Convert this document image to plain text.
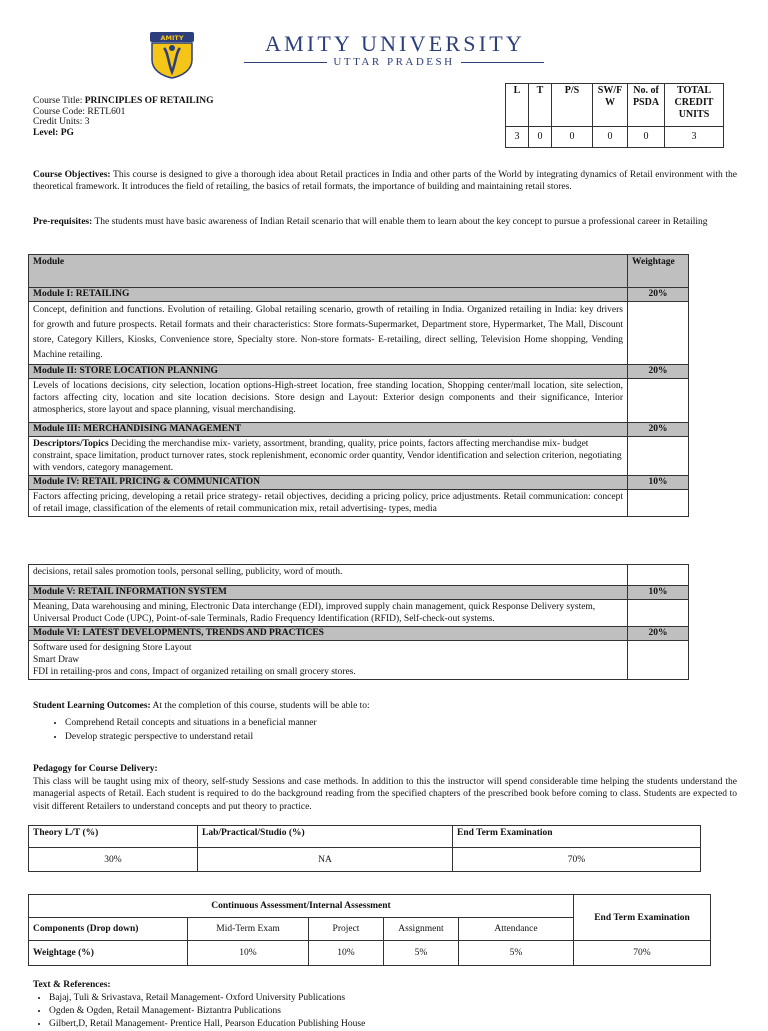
AMITY	AMITY UNIVERSITY
UTTAR PRADESH
L	T	P/S	SW/F W	No. of PSDA	TOTAL CREDIT UNITS
3	0	0	0	0	3
Course Title: PRINCIPLES OF RETAILING
Course Code: RETL601
Credit Units: 3
Level: PG
Course Objectives: This course is designed to give a thorough idea about Retail practices in India and other parts of the World by integrating dynamics of Retail environment with the theoretical framework. It introduces the field of retailing, the basics of retail formats, the importance of building and maintaining retail stores.
Pre-requisites: The students must have basic awareness of Indian Retail scenario that will enable them to learn about the key concept to pursue a professional career in Retailing
Module	Weightage
Module I: RETAILING	20%
Concept, definition and functions. Evolution of retailing. Global retailing scenario, growth of retailing in India. Organized retailing in India: key drivers for growth and future prospects. Retail formats and their characteristics: Store formats-Supermarket, Department store, Hypermarket, The Mall, Discount store, Category Killers, Kiosks, Convenience store, Specialty store. Non-store formats- E-retailing, direct selling, Television Home shopping, Vending Machine retailing.	
Module II: STORE LOCATION PLANNING	20%
Levels of locations decisions, city selection, location options-High-street location, free standing location, Shopping center/mall location, site selection, factors affecting city, location and site location decisions. Store design and Layout: Exterior design components and their significance, Interior atmospherics, store layout and space planning, visual merchandising.	
Module III: MERCHANDISING MANAGEMENT	20%
Descriptors/Topics Deciding the merchandise mix- variety, assortment, branding, quality, price points, factors affecting merchandise mix- budget constraint, space limitation, product turnover rates, stock replenishment, economic order quantity, Vendor identification and selection criterion, negotiating with vendors, category management.	
Module IV: RETAIL PRICING & COMMUNICATION	10%
Factors affecting pricing, developing a retail price strategy- retail objectives, deciding a pricing policy, price adjustments. Retail communication: concept of retail image, classification of the elements of retail communication mix, retail advertising- types, media	
decisions, retail sales promotion tools, personal selling, publicity, word of mouth.	
Module V: RETAIL INFORMATION SYSTEM	10%
Meaning, Data warehousing and mining, Electronic Data interchange (EDI), improved supply chain management, quick Response Delivery system, Universal Product Code (UPC), Point-of-sale Terminals, Radio Frequency Identification (RFID), Self-check-out systems.	
Module VI: LATEST DEVELOPMENTS, TRENDS AND PRACTICES	20%

Software used for designing Store Layout
Smart Draw
FDI in retailing-pros and cons, Impact of organized retailing on small grocery stores.	

Student Learning Outcomes: At the completion of this course, students will be able to:
• Comprehend Retail concepts and situations in a beneficial manner
• Develop strategic perspective to understand retail
Pedagogy for Course Delivery:
This class will be taught using mix of theory, self-study Sessions and case methods. In addition to this the instructor will spend considerable time helping the students understand the managerial aspects of Retail. Each student is required to do the background reading from the specified chapters of the prescribed book before coming to class. Students are expected to visit different Retailers to understand concepts and put theory to practice.
Theory L/T (%)	Lab/Practical/Studio (%)	End Term Examination
30%	NA	70%
Continuous Assessment/Internal Assessment					End Term Examination
Components (Drop down)	Mid-Term Exam	Project	Assignment	Attendance	
Weightage (%)	10%	10%	5%	5%	70%
Text & References:
• Bajaj, Tuli & Srivastava, Retail Management- Oxford University Publications
• Ogden & Ogden, Retail Management- Biztantra Publications
• Gilbert,D, Retail Management- Prentice Hall, Pearson Education Publishing House
